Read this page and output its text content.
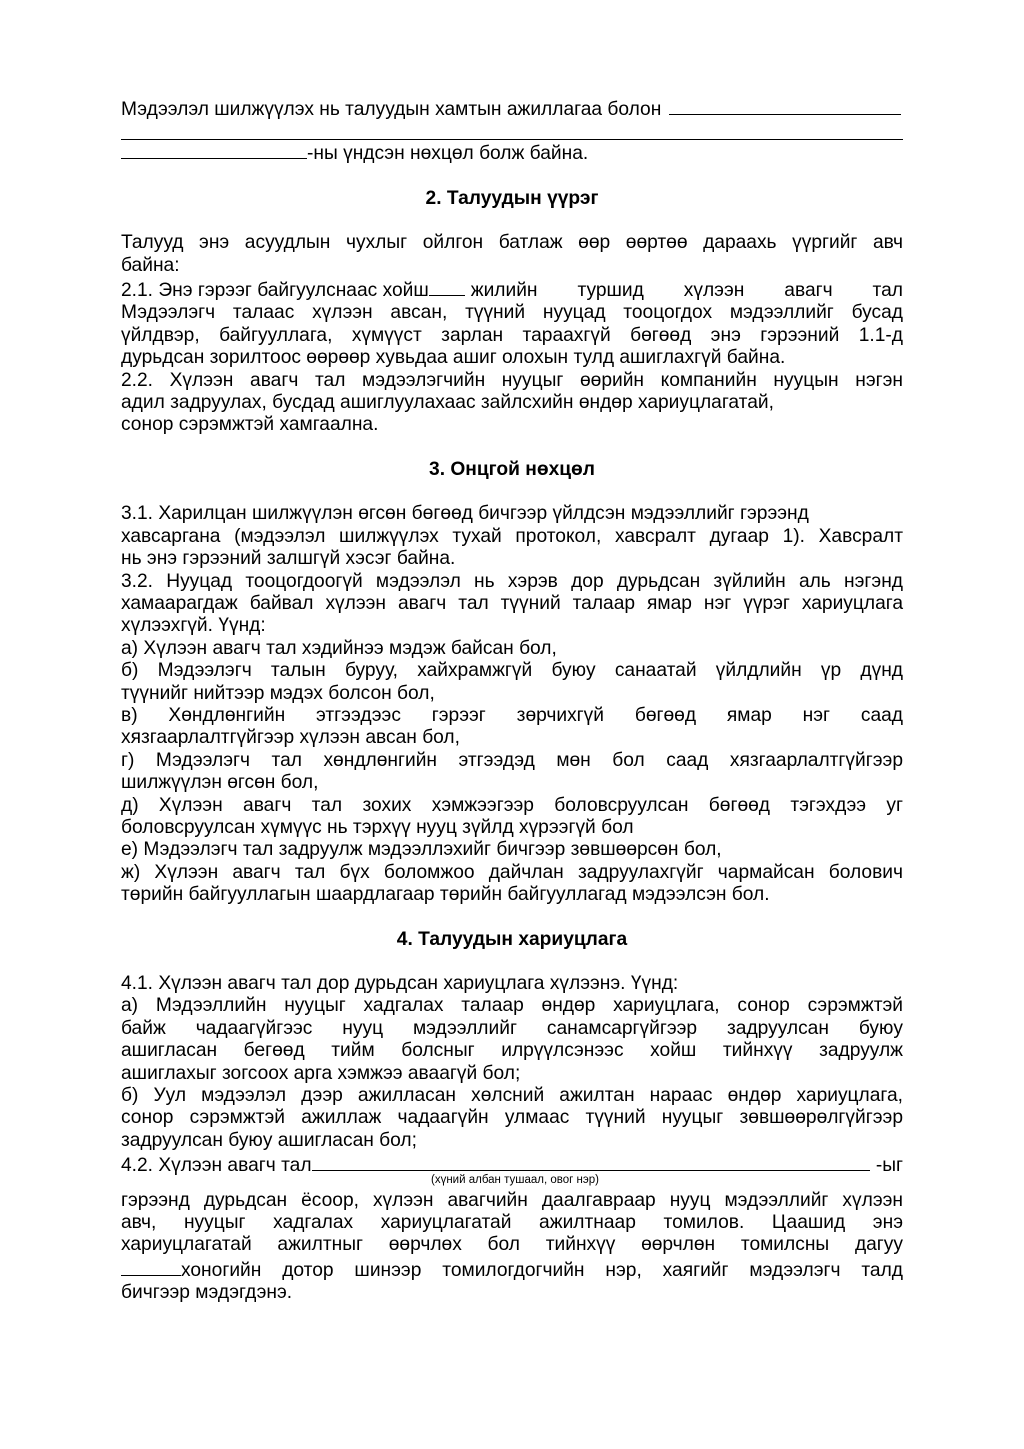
Мэдээлэл шилжүүлэх нь талуудын хамтын ажиллагаа болон
-ны үндсэн нөхцөл болж байна.
2. Талуудын үүрэг
Талууд энэ асуудлын чухлыг ойлгон батлаж өөр өөртөө дараахь үүргийг авч
байна:
2.1. Энэ гэрээг байгуулснаас хойш	жилийн туршид хүлээн авагч тал
Мэдээлэгч талаас хүлээн авсан, түүний нууцад тооцогдох мэдээллийг бусад
үйлдвэр, байгууллага, хүмүүст зарлан тараахгүй бөгөөд энэ гэрээний 1.1-д
дурьдсан зорилтоос өөрөөр хувьдаа ашиг олохын тулд ашиглахгүй байна.
2.2. Хүлээн авагч тал мэдээлэгчийн нууцыг өөрийн компанийн нууцын нэгэн
адил задруулах, бусдад ашиглуулахаас зайлсхийн өндөр хариуцлагатай,
сонор сэрэмжтэй хамгаална.
3. Онцгой нөхцөл
3.1. Харилцан шилжүүлэн өгсөн бөгөөд бичгээр үйлдсэн мэдээллийг гэрээнд
хавсаргана (мэдээлэл шилжүүлэх тухай протокол, хавсралт дугаар 1). Хавсралт
нь энэ гэрээний залшгүй хэсэг байна.
3.2. Нууцад тооцогдоогүй мэдээлэл нь хэрэв дор дурьдсан зүйлийн аль нэгэнд
хамаарагдаж байвал хүлээн авагч тал түүний талаар ямар нэг үүрэг хариуцлага
хүлээхгүй. Үүнд:
а) Хүлээн авагч тал хэдийнээ мэдэж байсан бол,
б) Мэдээлэгч талын буруу, хайхрамжгүй буюу санаатай үйлдлийн үр дүнд
түүнийг нийтээр мэдэх болсон бол,
в) Хөндлөнгийн этгээдээс гэрээг зөрчихгүй бөгөөд ямар нэг саад
хязгаарлалтгүйгээр хүлээн авсан бол,
г) Мэдээлэгч тал хөндлөнгийн этгээдэд мөн бол саад хязгаарлалтгүйгээр
шилжүүлэн өгсөн бол,
д) Хүлээн авагч тал зохих хэмжээгээр боловсруулсан бөгөөд тэгэхдээ уг
боловсруулсан хүмүүс нь тэрхүү нууц зүйлд хүрээгүй бол
е) Мэдээлэгч тал задруулж мэдээллэхийг бичгээр зөвшөөрсөн бол,
ж) Хүлээн авагч тал бүх боломжоо дайчлан задруулахгүйг чармайсан болович
төрийн байгууллагын шаардлагаар төрийн байгууллагад мэдээлсэн бол.
4. Талуудын хариуцлага
4.1. Хүлээн авагч тал дор дурьдсан хариуцлага хүлээнэ. Үүнд:
а) Мэдээллийн нууцыг хадгалах талаар өндөр хариуцлага, сонор сэрэмжтэй
байж чадаагүйгээс нууц мэдээллийг санамсаргүйгээр задруулсан буюу
ашигласан бегөөд тийм болсныг илрүүлсэнээс хойш тийнхүү задруулж
ашиглахыг зогсоох арга хэмжээ аваагүй бол;
б) Уул мэдээлэл дээр ажилласан хөлсний ажилтан нараас өндөр хариуцлага,
сонор сэрэмжтэй ажиллаж чадаагүйн улмаас түүний нууцыг зөвшөөрөлгүйгээр
задруулсан буюу ашигласан бол;
4.2. Хүлээн авагч тал	-ыг
(хүний албан тушаал, овог нэр)
гэрээнд дурьдсан ёсоор, хүлээн авагчийн даалгавраар нууц мэдээллийг хүлээн
авч, нууцыг хадгалах хариуцлагатай ажилтнаар томилов. Цаашид энэ
хариуцлагатай ажилтныг өөрчлөх бол тийнхүү өөрчлөн томилсны дагуу
хоногийн дотор шинээр томилогдогчийн нэр, хаягийг мэдээлэгч талд
бичгээр мэдэгдэнэ.
